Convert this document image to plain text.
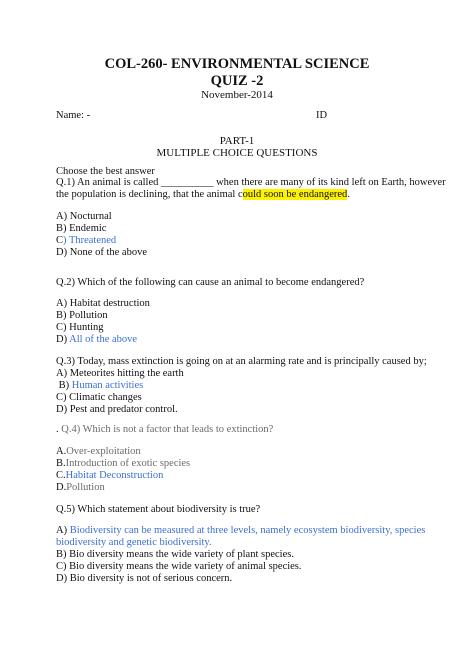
COL-260- ENVIRONMENTAL SCIENCE
QUIZ -2
November-2014
Name: -	ID
PART-1
MULTIPLE CHOICE QUESTIONS
Choose the best answer
Q.1) An animal is called __________ when there are many of its kind left on Earth, however
the population is declining, that the animal could soon be endangered.
A) Nocturnal
B) Endemic
C) Threatened
D) None of the above
Q.2) Which of the following can cause an animal to become endangered?
A) Habitat destruction
B) Pollution
C) Hunting
D) All of the above
Q.3) Today, mass extinction is going on at an alarming rate and is principally caused by;
A) Meteorites hitting the earth
B) Human activities
C) Climatic changes
D) Pest and predator control.
. Q.4) Which is not a factor that leads to extinction?
A.Over-exploitation
B.Introduction of exotic species
C.Habitat Deconstruction
D.Pollution
Q.5) Which statement about biodiversity is true?
A) Biodiversity can be measured at three levels, namely ecosystem biodiversity, species
biodiversity and genetic biodiversity.
B) Bio diversity means the wide variety of plant species.
C) Bio diversity means the wide variety of animal species.
D) Bio diversity is not of serious concern.
